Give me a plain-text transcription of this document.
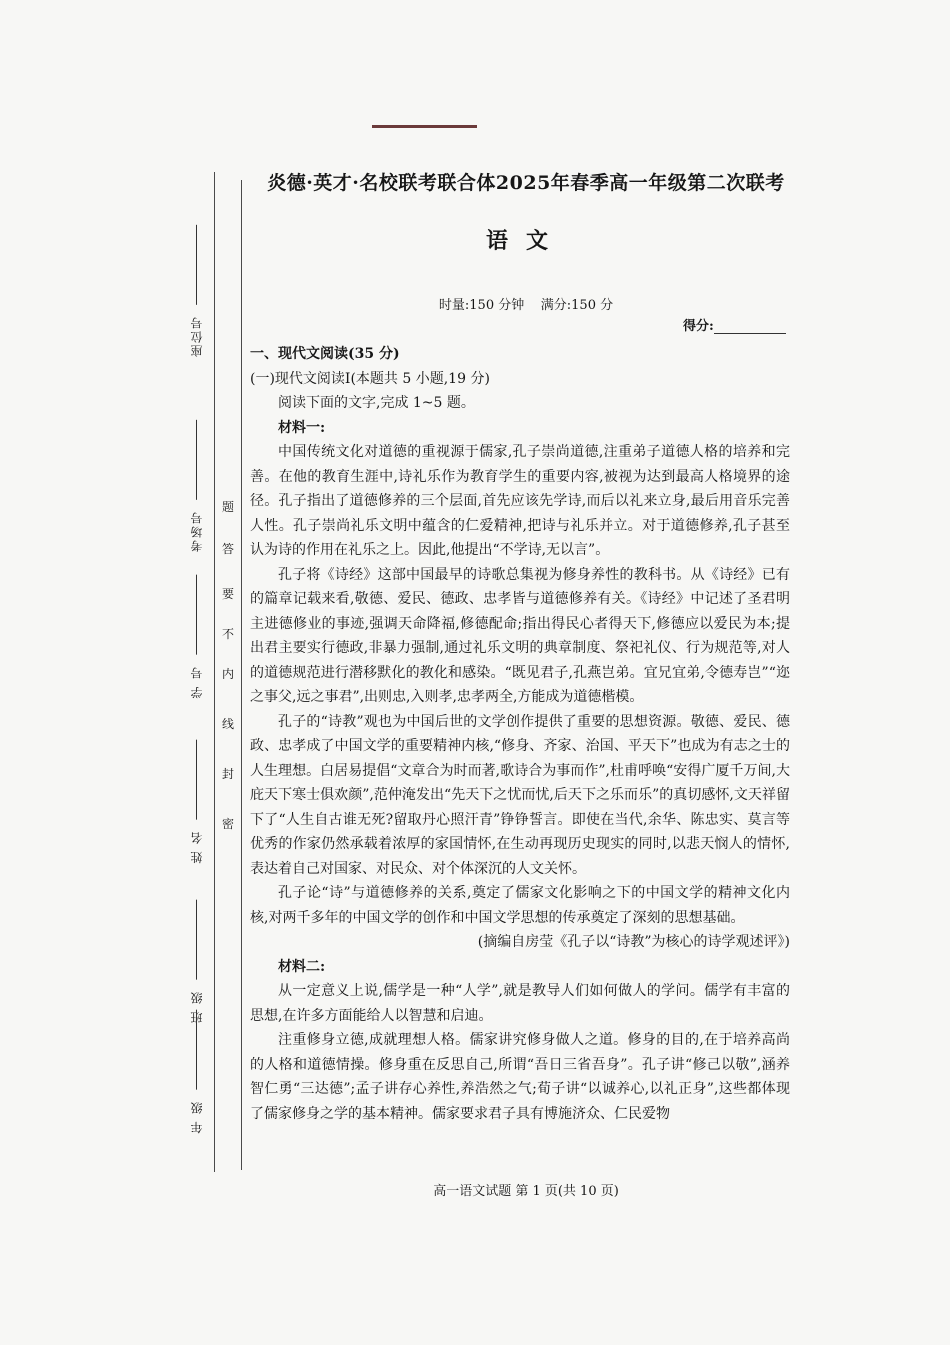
座位号
考场号
学 号
姓 名
班 级
年 级
密
封
线
内
不
要
答
题
炎德·英才·名校联考联合体2025年春季高一年级第二次联考
语文
时量:150 分钟 满分:150 分
得分:

一、现代文阅读(35 分)

(一)现代文阅读Ⅰ(本题共 5 小题,19 分)

阅读下面的文字,完成 1~5 题。

材料一:

中国传统文化对道德的重视源于儒家,孔子崇尚道德,注重弟子道德人格的培养和完善。在他的教育生涯中,诗礼乐作为教育学生的重要内容,被视为达到最高人格境界的途径。孔子指出了道德修养的三个层面,首先应该先学诗,而后以礼来立身,最后用音乐完善人性。孔子崇尚礼乐文明中蕴含的仁爱精神,把诗与礼乐并立。对于道德修养,孔子甚至认为诗的作用在礼乐之上。因此,他提出“不学诗,无以言”。

孔子将《诗经》这部中国最早的诗歌总集视为修身养性的教科书。从《诗经》已有的篇章记载来看,敬德、爱民、德政、忠孝皆与道德修养有关。《诗经》中记述了圣君明主进德修业的事迹,强调天命降福,修德配命;指出得民心者得天下,修德应以爱民为本;提出君主要实行德政,非暴力强制,通过礼乐文明的典章制度、祭祀礼仪、行为规范等,对人的道德规范进行潜移默化的教化和感染。“既见君子,孔燕岂弟。宜兄宜弟,令德寿岂”“迩之事父,远之事君”,出则忠,入则孝,忠孝两全,方能成为道德楷模。

孔子的“诗教”观也为中国后世的文学创作提供了重要的思想资源。敬德、爱民、德政、忠孝成了中国文学的重要精神内核,“修身、齐家、治国、平天下”也成为有志之士的人生理想。白居易提倡“文章合为时而著,歌诗合为事而作”,杜甫呼唤“安得广厦千万间,大庇天下寒士俱欢颜”,范仲淹发出“先天下之忧而忧,后天下之乐而乐”的真切感怀,文天祥留下了“人生自古谁无死?留取丹心照汗青”铮铮誓言。即使在当代,余华、陈忠实、莫言等优秀的作家仍然承载着浓厚的家国情怀,在生动再现历史现实的同时,以悲天悯人的情怀,表达着自己对国家、对民众、对个体深沉的人文关怀。

孔子论“诗”与道德修养的关系,奠定了儒家文化影响之下的中国文学的精神文化内核,对两千多年的中国文学的创作和中国文学思想的传承奠定了深刻的思想基础。

(摘编自房莹《孔子以“诗教”为核心的诗学观述评》)

材料二:

从一定意义上说,儒学是一种“人学”,就是教导人们如何做人的学问。儒学有丰富的思想,在许多方面能给人以智慧和启迪。

注重修身立德,成就理想人格。儒家讲究修身做人之道。修身的目的,在于培养高尚的人格和道德情操。修身重在反思自己,所谓“吾日三省吾身”。孔子讲“修己以敬”,涵养智仁勇“三达德”;孟子讲存心养性,养浩然之气;荀子讲“以诚养心,以礼正身”,这些都体现了儒家修身之学的基本精神。儒家要求君子具有博施济众、仁民爱物

高一语文试题 第 1 页(共 10 页)
